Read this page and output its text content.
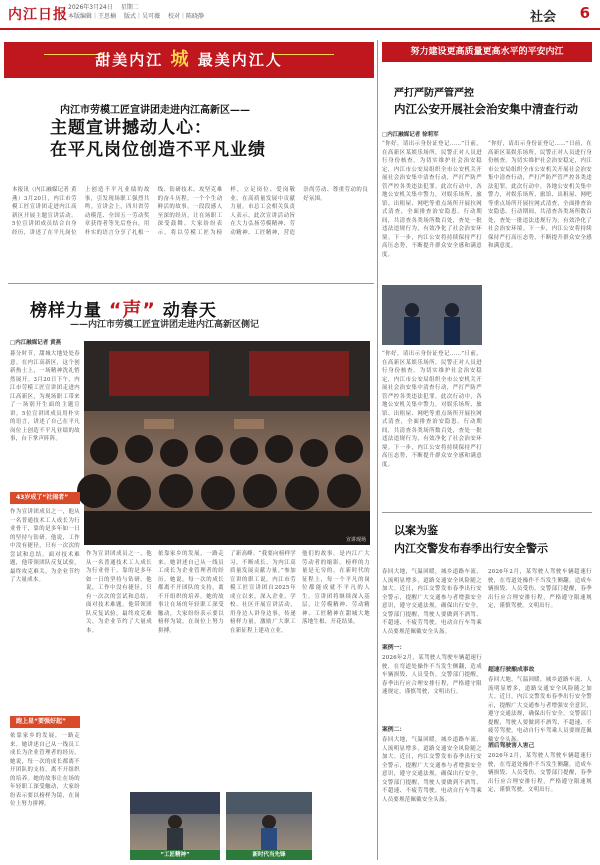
内江日报 2026年3月24日 星期二
本版编辑｜王思楠 版式｜吴可薇 校对｜陈晓静	社会 6
甜美内江 城 最美内江人
内江市劳模工匠宣讲团走进内江高新区——
主题宣讲撼动人心：
在平凡岗位创造不平凡业绩
本报讯（内江融媒记者 黄燕）3月20日，内江市劳模工匠宣讲团走进内江高新区开展主题宣讲活动。5位宣讲团成员结合自身经历，讲述了在平凡岗位上创造不平凡业绩的故事，引发现场职工强烈共鸣。宣讲会上，四川省劳动模范、全国五一劳动奖章获得者等先后登台，用朴实的语言分享了扎根一线、钻研技术、攻坚克难的奋斗历程。一个个生动鲜活的故事，一段段感人至深的经历，让在场职工深受鼓舞。大家纷纷表示，将以劳模工匠为榜样，立足岗位、爱岗敬业，在高质量发展中贡献力量。市总工会相关负责人表示，此次宣讲活动旨在大力弘扬劳模精神、劳动精神、工匠精神，营造崇尚劳动、尊重劳动的良好氛围。
榜样力量 “声” 动春天
——内江市劳模工匠宣讲团走进内江高新区侧记
□内江融媒记者 黄燕
宣讲现场
暮分时节，甜城大地处处春意。在内江高新区，这个创新热土上，一场精神洗礼悄然展开。3月20日下午，内江市劳模工匠宣讲团走进内江高新区，为现场职工带来了一场别开生面的主题宣讲。5位宣讲团成员用朴实的语言，讲述了自己在平凡岗位上创造不平凡业绩的故事，台下掌声阵阵。
43岁成了“社闹者”
作为宣讲团成员之一，他从一名普通技术工人成长为行业骨干，靠的是多年如一日的坚持与钻研。他说，工作中没有捷径，只有一次次的尝试和总结。面对技术难题，他带领团队反复试验，最终攻克难关，为企业节约了大量成本。
跑上星“要强好起”
依靠家乡的发展，一路走来。她讲述自己从一线员工成长为企业管理者的经历。她说，每一次的成长都离不开团队的支持，离不开组织的培养。她的故事让在场的年轻职工深受触动，大家纷纷表示要以榜样为镜，在岗位上努力拼搏。
作为宣讲团成员之一，他从一名普通技术工人成长为行业骨干，靠的是多年如一日的坚持与钻研。他说，工作中没有捷径，只有一次次的尝试和总结。面对技术难题，他带领团队反复试验，最终攻克难关，为企业节约了大量成本。
依靠家乡的发展，一路走来。她讲述自己从一线员工成长为企业管理者的经历。她说，每一次的成长都离不开团队的支持，离不开组织的培养。她的故事让在场的年轻职工深受触动，大家纷纷表示要以榜样为镜，在岗位上努力拼搏。
了新高峰。“我要向榜样学习，不断成长，为内江高质量发展贡献力量。”参加宣讲的职工说。内江市劳模工匠宣讲团自2025年成立以来，深入企业、学校、社区开展宣讲活动，用身边人讲身边事，传递榜样力量，激励广大职工在新征程上建功立业。
他们的故事，是内江广大劳动者的缩影。榜样的力量是无穷的，在新时代的征程上，每一个平凡的岗位都能成就不平凡的人生。宣讲团将继续深入基层，让劳模精神、劳动精神、工匠精神在甜城大地落地生根、开花结果。
“工匠精神”	新时代当先锋
努力建设更高质量更高水平的平安内江
严打严防严管严控
内江公安开展社会治安集中清查行动
□内江融媒记者 徐莉军
“你好，请出示身份证登记……”日前，在高新区某娱乐场所，民警正对人员进行身份核查。为切实维护社会治安稳定，内江市公安局组织全市公安机关开展社会治安集中清查行动，严打严防严管严控各类违法犯罪。此次行动中，各地公安机关集中警力，对娱乐场所、旅馆、出租屋、网吧等重点场所开展拉网式清查，全面排查治安隐患。行动期间，共清查各类场所数百处，查处一批违法违规行为，有效净化了社会治安环境。下一步，内江公安将持续保持严打高压态势，不断提升群众安全感和满意度。
“你好，请出示身份证登记……”日前，在高新区某娱乐场所，民警正对人员进行身份核查。为切实维护社会治安稳定，内江市公安局组织全市公安机关开展社会治安集中清查行动，严打严防严管严控各类违法犯罪。此次行动中，各地公安机关集中警力，对娱乐场所、旅馆、出租屋、网吧等重点场所开展拉网式清查，全面排查治安隐患。行动期间，共清查各类场所数百处，查处一批违法违规行为，有效净化了社会治安环境。下一步，内江公安将持续保持严打高压态势，不断提升群众安全感和满意度。
“你好，请出示身份证登记……”日前，在高新区某娱乐场所，民警正对人员进行身份核查。为切实维护社会治安稳定，内江市公安局组织全市公安机关开展社会治安集中清查行动，严打严防严管严控各类违法犯罪。此次行动中，各地公安机关集中警力，对娱乐场所、旅馆、出租屋、网吧等重点场所开展拉网式清查，全面排查治安隐患。行动期间，共清查各类场所数百处，查处一批违法违规行为，有效净化了社会治安环境。下一步，内江公安将持续保持严打高压态势，不断提升群众安全感和满意度。
以案为鉴
内江交警发布春季出行安全警示
春回大地，气温回暖，城乡道路车流、人流明显增多，道路交通安全风险随之加大。近日，内江交警发布春季出行安全警示，提醒广大交通参与者增强安全意识，遵守交通法规，确保出行安全。交警部门提醒，驾驶人要做到不酒驾、不超速、不疲劳驾驶，电动自行车驾乘人员要规范佩戴安全头盔。
案例一：
2026年2月，某驾驶人驾驶车辆超速行驶，在弯道处操作不当发生侧翻，造成车辆损毁、人员受伤。交警部门提醒，春季出行应合理安排行程，严格遵守限速规定，谨慎驾驶，文明出行。
案例二：
春回大地，气温回暖，城乡道路车流、人流明显增多，道路交通安全风险随之加大。近日，内江交警发布春季出行安全警示，提醒广大交通参与者增强安全意识，遵守交通法规，确保出行安全。交警部门提醒，驾驶人要做到不酒驾、不超速、不疲劳驾驶，电动自行车驾乘人员要规范佩戴安全头盔。
2026年2月，某驾驶人驾驶车辆超速行驶，在弯道处操作不当发生侧翻，造成车辆损毁、人员受伤。交警部门提醒，春季出行应合理安排行程，严格遵守限速规定，谨慎驾驶，文明出行。
超速行驶酿成事故
春回大地，气温回暖，城乡道路车流、人流明显增多，道路交通安全风险随之加大。近日，内江交警发布春季出行安全警示，提醒广大交通参与者增强安全意识，遵守交通法规，确保出行安全。交警部门提醒，驾驶人要做到不酒驾、不超速、不疲劳驾驶，电动自行车驾乘人员要规范佩戴安全头盔。
酒后驾驶害人害己
2026年2月，某驾驶人驾驶车辆超速行驶，在弯道处操作不当发生侧翻，造成车辆损毁、人员受伤。交警部门提醒，春季出行应合理安排行程，严格遵守限速规定，谨慎驾驶，文明出行。
